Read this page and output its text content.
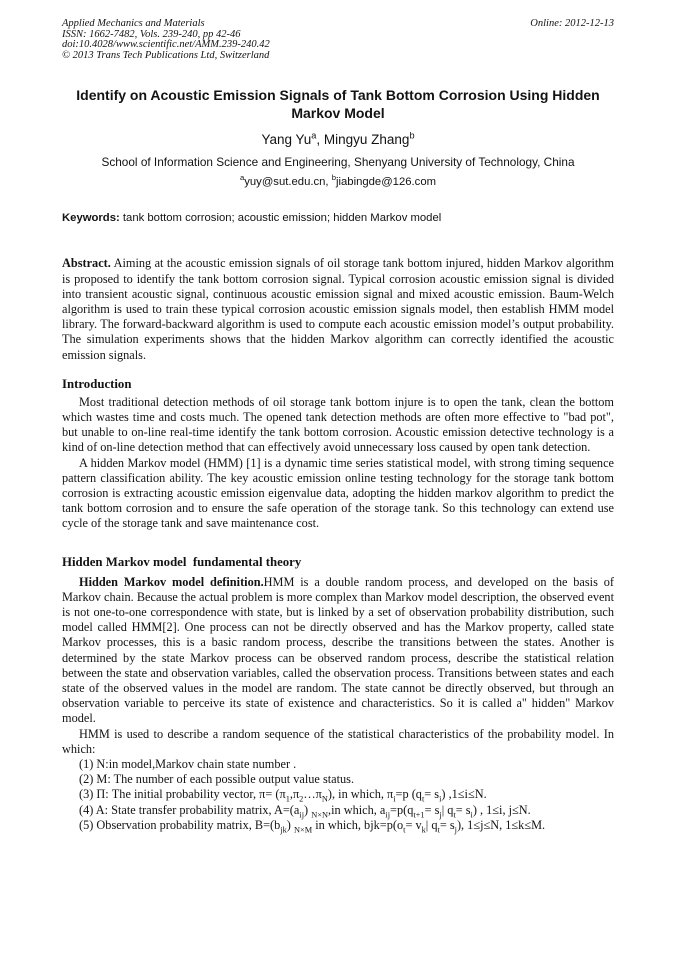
Applied Mechanics and Materials
ISSN: 1662-7482, Vols. 239-240, pp 42-46
doi:10.4028/www.scientific.net/AMM.239-240.42
© 2013 Trans Tech Publications Ltd, Switzerland
Online: 2012-12-13
Identify on Acoustic Emission Signals of Tank Bottom Corrosion Using Hidden Markov Model
Yang Yu$^a$, Mingyu Zhang$^b$
School of Information Science and Engineering, Shenyang University of Technology, China
$^a$yuy@sut.edu.cn, $^b$jiabingde@126.com

Keywords: tank bottom corrosion; acoustic emission; hidden Markov model

Abstract. Aiming at the acoustic emission signals of oil storage tank bottom injured, hidden Markov algorithm is proposed to identify the tank bottom corrosion signal. Typical corrosion acoustic emission signal is divided into transient acoustic signal, continuous acoustic emission signal and mixed acoustic emission. Baum-Welch algorithm is used to train these typical corrosion acoustic emission signals model, then establish HMM model library. The forward-backward algorithm is used to compute each acoustic emission model’s output probability. The simulation experiments shows that the hidden Markov algorithm can correctly identified the acoustic emission signals.

Introduction

Most traditional detection methods of oil storage tank bottom injure is to open the tank, clean the bottom which wastes time and costs much. The opened tank detection methods are often more effective to "bad pot", but unable to on-line real-time identify the tank bottom corrosion. Acoustic emission detective technology is a kind of on-line detection method that can effectively avoid unnecessary loss caused by open tank detection.

A hidden Markov model (HMM) [1] is a dynamic time series statistical model, with strong timing sequence pattern classification ability. The key acoustic emission online testing technology for the storage tank bottom corrosion is extracting acoustic emission eigenvalue data, adopting the hidden markov algorithm to predict the tank bottom corrosion and to ensure the safe operation of the storage tank. So this technology can extend use cycle of the storage tank and save maintenance cost.

Hidden Markov model  fundamental theory

Hidden Markov model definition.HMM is a double random process, and developed on the basis of Markov chain. Because the actual problem is more complex than Markov model description, the observed event is not one-to-one correspondence with state, but is linked by a set of observation probability distribution, such model called HMM[2]. One process can not be directly observed and has the Markov property, called state Markov processes, this is a basic random process, describe the transitions between the states. Another is determined by the state Markov process can be observed random process, describe the statistical relation between the state and observation variables, called the observation process. Transitions between states and each state of the observed values in the model are random. The state cannot be directly observed, but through an observation variable to perceive its state of existence and characteristics. So it is called a" hidden" Markov model.

HMM is used to describe a random sequence of the statistical characteristics of the probability model. In which:

(1) N:in model,Markov chain state number .

(2) M: The number of each possible output value status.

(3) Π: The initial probability vector, $\pi= (\pi_1,\pi_2\dots\pi_N)$, in which, $\pi_i=p$ $(q_t= s_i)$ ,1≤i≤N.

(4) A: State transfer probability matrix, $A=(a_{ij})$ $_{N\times N}$,in which, $a_{ij}=p(q_{t+1}= s_j|$ $q_t= s_i$) , 1≤i, j≤N.

(5) Observation probability matrix, $B=(b_{jk})$ $_{N\times M}$ in which, $bjk=p(o_t= v_k|$ $q_t= s_j$), 1≤j≤N, 1≤k≤M.
